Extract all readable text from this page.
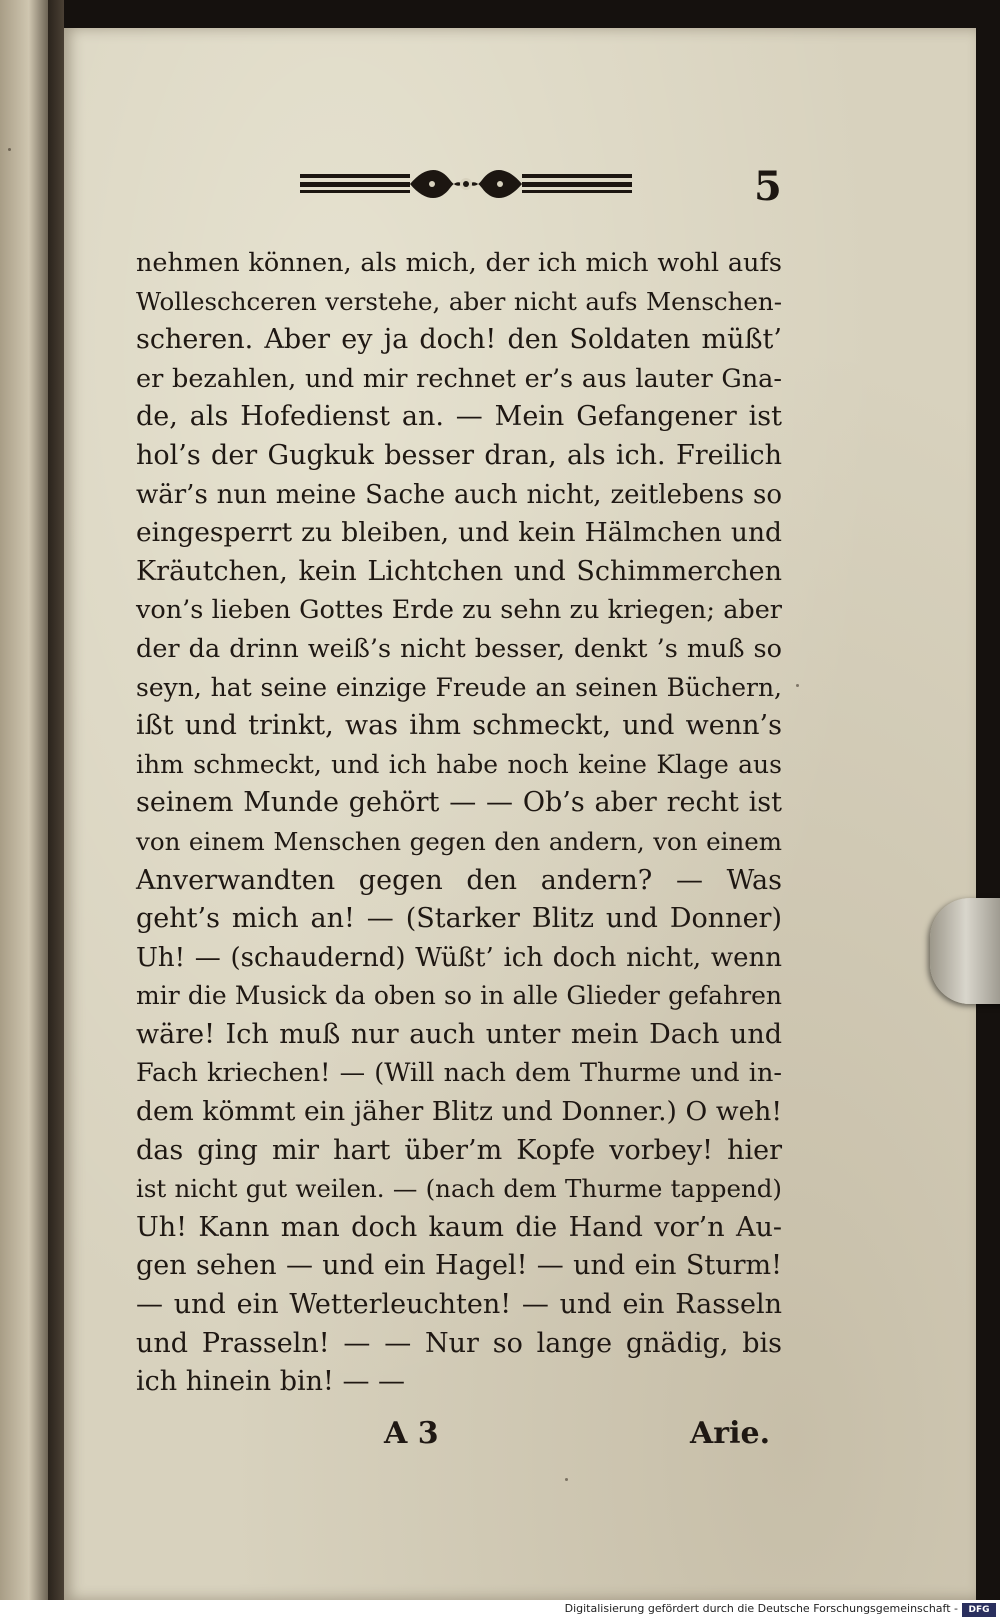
5

nehmen können, als mich, der ich mich wohl aufs
Wolleschceren verstehe, aber nicht aufs Menschen-
scheren. Aber ey ja doch! den Soldaten müßt’
er bezahlen, und mir rechnet er’s aus lauter Gna-
de, als Hofedienst an. — Mein Gefangener ist
hol’s der Gugkuk besser dran, als ich. Freilich
wär’s nun meine Sache auch nicht, zeitlebens so
eingesperrt zu bleiben, und kein Hälmchen und
Kräutchen, kein Lichtchen und Schimmerchen
von’s lieben Gottes Erde zu sehn zu kriegen; aber
der da drinn weiß’s nicht besser, denkt ’s muß so
seyn, hat seine einzige Freude an seinen Büchern,
ißt und trinkt, was ihm schmeckt, und wenn’s
ihm schmeckt, und ich habe noch keine Klage aus
seinem Munde gehört — — Ob’s aber recht ist
von einem Menschen gegen den andern, von einem
Anverwandten gegen den andern? — Was
geht’s mich an! — (Starker Blitz und Donner)
Uh! — (schaudernd) Wüßt’ ich doch nicht, wenn
mir die Musick da oben so in alle Glieder gefahren
wäre! Ich muß nur auch unter mein Dach und
Fach kriechen! — (Will nach dem Thurme und in-
dem kömmt ein jäher Blitz und Donner.) O weh!
das ging mir hart über’m Kopfe vorbey! hier
ist nicht gut weilen. — (nach dem Thurme tappend)
Uh! Kann man doch kaum die Hand vor’n Au-
gen sehen — und ein Hagel! — und ein Sturm!
— und ein Wetterleuchten! — und ein Rasseln
und Prasseln! — — Nur so lange gnädig, bis
ich hinein bin! — —

A 3	Arie.

Digitalisierung gefördert durch die Deutsche Forschungsgemeinschaft -	DFG
